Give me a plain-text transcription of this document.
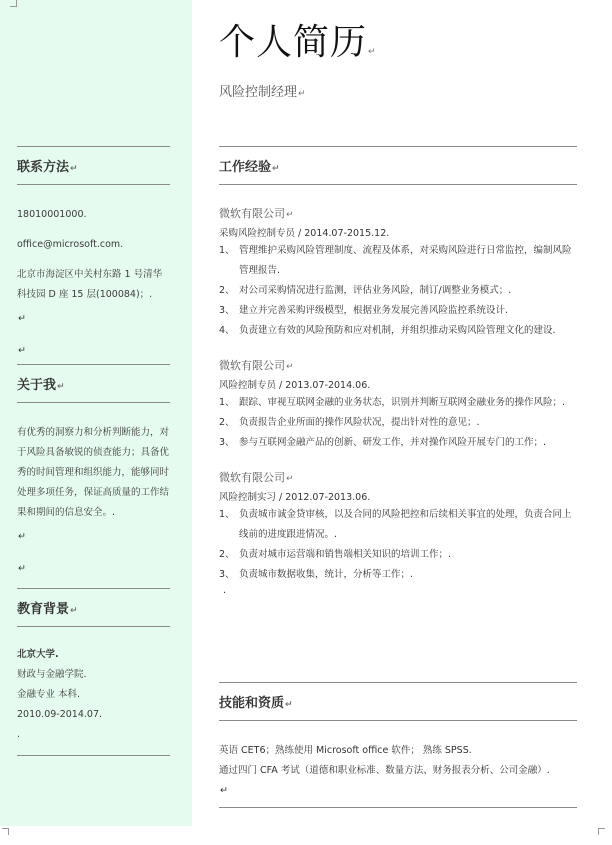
联系方法↵
18010001000.
office@microsoft.com.
北京市海淀区中关村东路 1 号清华科技园 D 座 15 层(100084)；.
↵
↵
关于我↵
有优秀的洞察力和分析判断能力，对于风险具备敏锐的侦查能力；具备优秀的时间管理和组织能力，能够同时处理多项任务，保证高质量的工作结果和期间的信息安全。.
↵
↵
教育背景↵
北京大学.
财政与金融学院.
金融专业 本科.
2010.09-2014.07.
.
个人简历↵
风险控制经理↵
工作经验↵
微软有限公司↵
采购风险控制专员 / 2014.07-2015.12.
1、 管理维护采购风险管理制度、流程及体系，对采购风险进行日常监控，编制风险管理报告.
2、 对公司采购情况进行监测，评估业务风险，制订/调整业务模式；.
3、 建立并完善采购评级模型，根据业务发展完善风险监控系统设计.
4、 负责建立有效的风险预防和应对机制，并组织推动采购风险管理文化的建设.
微软有限公司↵
风险控制专员 / 2013.07-2014.06.
1、 跟踪、审视互联网金融的业务状态，识别并判断互联网金融业务的操作风险；.
2、 负责报告企业所面的操作风险状况，提出针对性的意见；.
3、 参与互联网金融产品的创新、研发工作，并对操作风险开展专门的工作；.
微软有限公司↵
风险控制实习 / 2012.07-2013.06.
1、 负责城市诚金贷审核，以及合同的风险把控和后续相关事宜的处理，负责合同上线前的进度跟进情况。.
2、 负责对城市运营端和销售端相关知识的培训工作；.
3、 负责城市数据收集，统计，分析等工作；.
.
技能和资质↵
英语 CET6；熟练使用 Microsoft office 软件； 熟练 SPSS.
通过四门 CFA 考试（道德和职业标准、数量方法、财务报表分析、公司金融）.
↵
